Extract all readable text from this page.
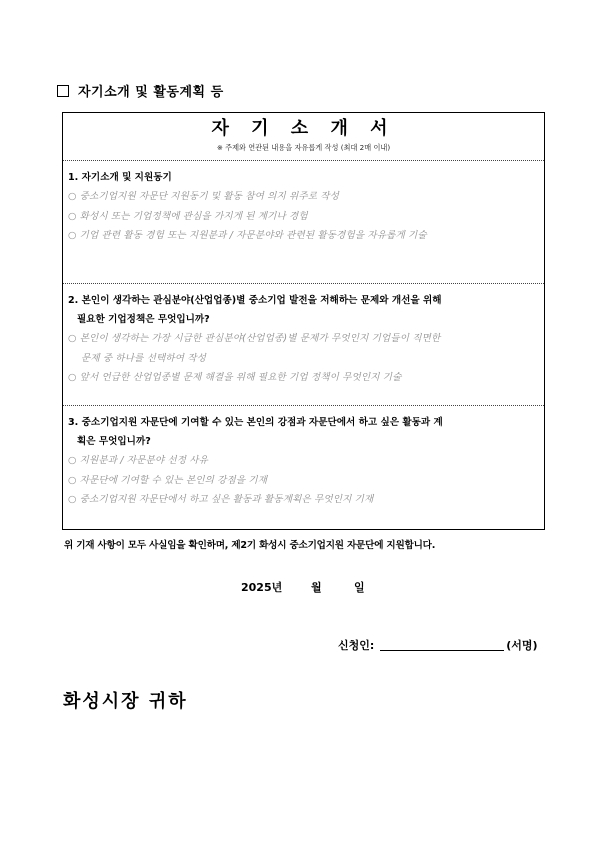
자기소개 및 활동계획 등
자 기 소 개 서
※ 주제와 연관된 내용을 자유롭게 작성 (최대 2매 이내)
1. 자기소개 및 지원동기
○ 중소기업지원 자문단 지원동기 및 활동 참여 의지 위주로 작성
○ 화성시 또는 기업정책에 관심을 가지게 된 계기나 경험
○ 기업 관련 활동 경험 또는 지원분과 / 자문분야와 관련된 활동경험을 자유롭게 기술
2. 본인이 생각하는 관심분야(산업업종)별 중소기업 발전을 저해하는 문제와 개선을 위해
필요한 기업정책은 무엇입니까?
○ 본인이 생각하는 가장 시급한 관심분야(산업업종)별 문제가 무엇인지 기업들이 직면한
문제 중 하나를 선택하여 작성
○ 앞서 언급한 산업업종별 문제 해결을 위해 필요한 기업 정책이 무엇인지 기술
3. 중소기업지원 자문단에 기여할 수 있는 본인의 강점과 자문단에서 하고 싶은 활동과 계
획은 무엇입니까?
○ 지원분과 / 자문분야 선정 사유
○ 자문단에 기여할 수 있는 본인의 강점을 기재
○ 중소기업지원 자문단에서 하고 싶은 활동과 활동계획은 무엇인지 기재
위 기재 사항이 모두 사실임을 확인하며, 제2기 화성시 중소기업지원 자문단에 지원합니다.
2025년	월	일
신청인:	(서명)
화성시장 귀하
